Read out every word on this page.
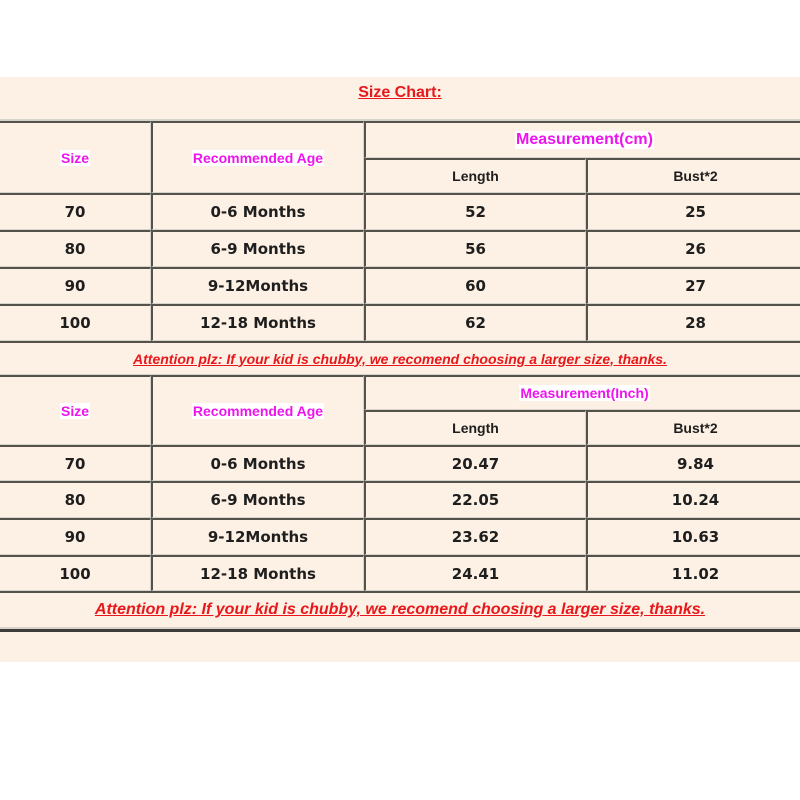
Size Chart:
Size	Recommended Age
Measurement(cm)
Length	Bust*2
70	0-6 Months	52	25
80	6-9 Months	56	26
90	9-12Months	60	27
100	12-18 Months	62	28
Attention plz: If your kid is chubby, we recomend choosing a larger size, thanks.
Size	Recommended Age
Measurement(Inch)
Length	Bust*2
70	0-6 Months	20.47	9.84
80	6-9 Months	22.05	10.24
90	9-12Months	23.62	10.63
100	12-18 Months	24.41	11.02
Attention plz: If your kid is chubby, we recomend choosing a larger size, thanks.
